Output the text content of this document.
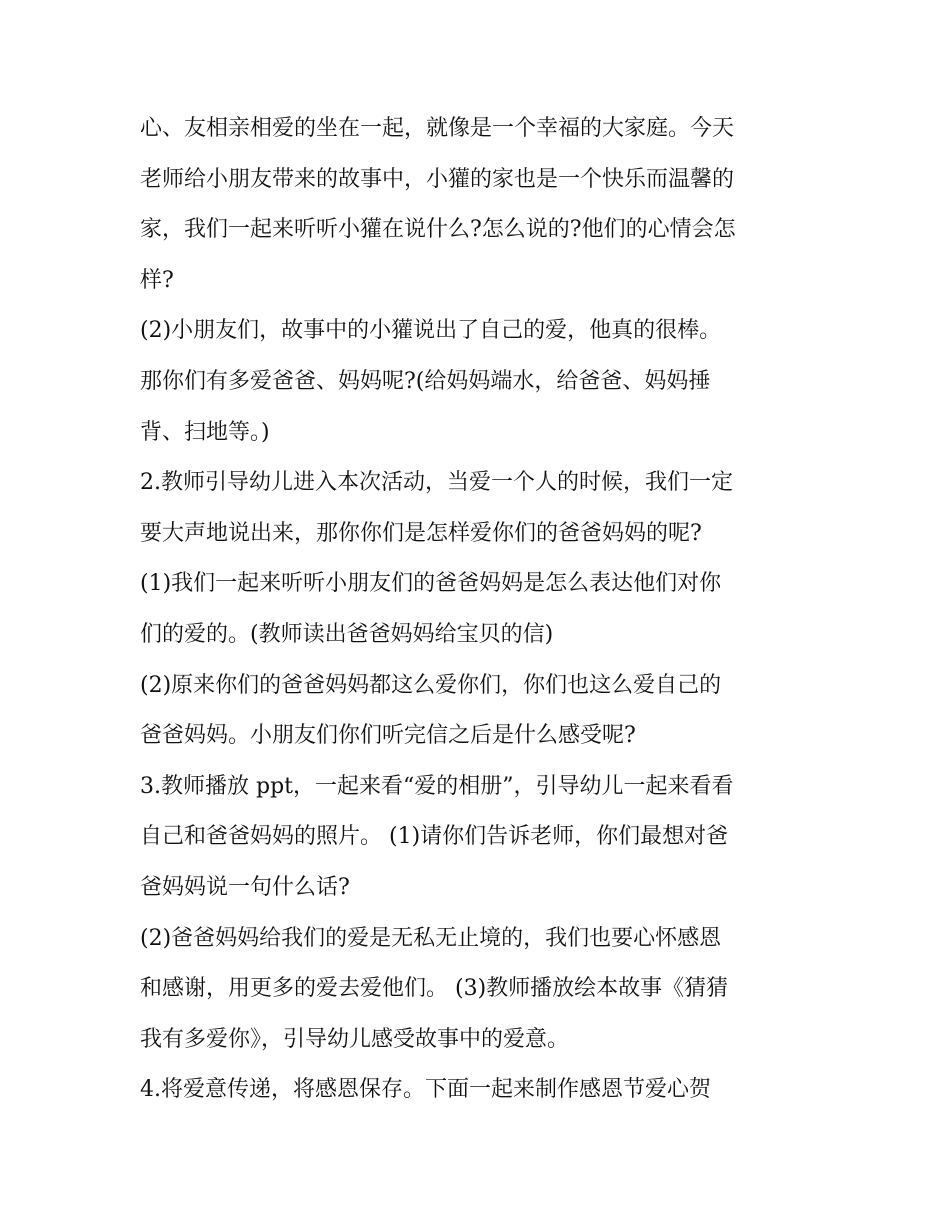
心、友相亲相爱的坐在一起，就像是一个幸福的大家庭。今天
老师给小朋友带来的故事中，小獾的家也是一个快乐而温馨的
家，我们一起来听听小獾在说什么?怎么说的?他们的心情会怎
样?
(2)小朋友们，故事中的小獾说出了自己的爱，他真的很棒。
那你们有多爱爸爸、妈妈呢?(给妈妈端水，给爸爸、妈妈捶
背、扫地等。)
2.教师引导幼儿进入本次活动，当爱一个人的时候，我们一定
要大声地说出来，那你你们是怎样爱你们的爸爸妈妈的呢?
(1)我们一起来听听小朋友们的爸爸妈妈是怎么表达他们对你
们的爱的。(教师读出爸爸妈妈给宝贝的信)
(2)原来你们的爸爸妈妈都这么爱你们，你们也这么爱自己的
爸爸妈妈。小朋友们你们听完信之后是什么感受呢?
3.教师播放 ppt，一起来看“爱的相册”，引导幼儿一起来看看
自己和爸爸妈妈的照片。 (1)请你们告诉老师，你们最想对爸
爸妈妈说一句什么话?
(2)爸爸妈妈给我们的爱是无私无止境的，我们也要心怀感恩
和感谢，用更多的爱去爱他们。 (3)教师播放绘本故事《猜猜
我有多爱你》，引导幼儿感受故事中的爱意。
4.将爱意传递，将感恩保存。下面一起来制作感恩节爱心贺
